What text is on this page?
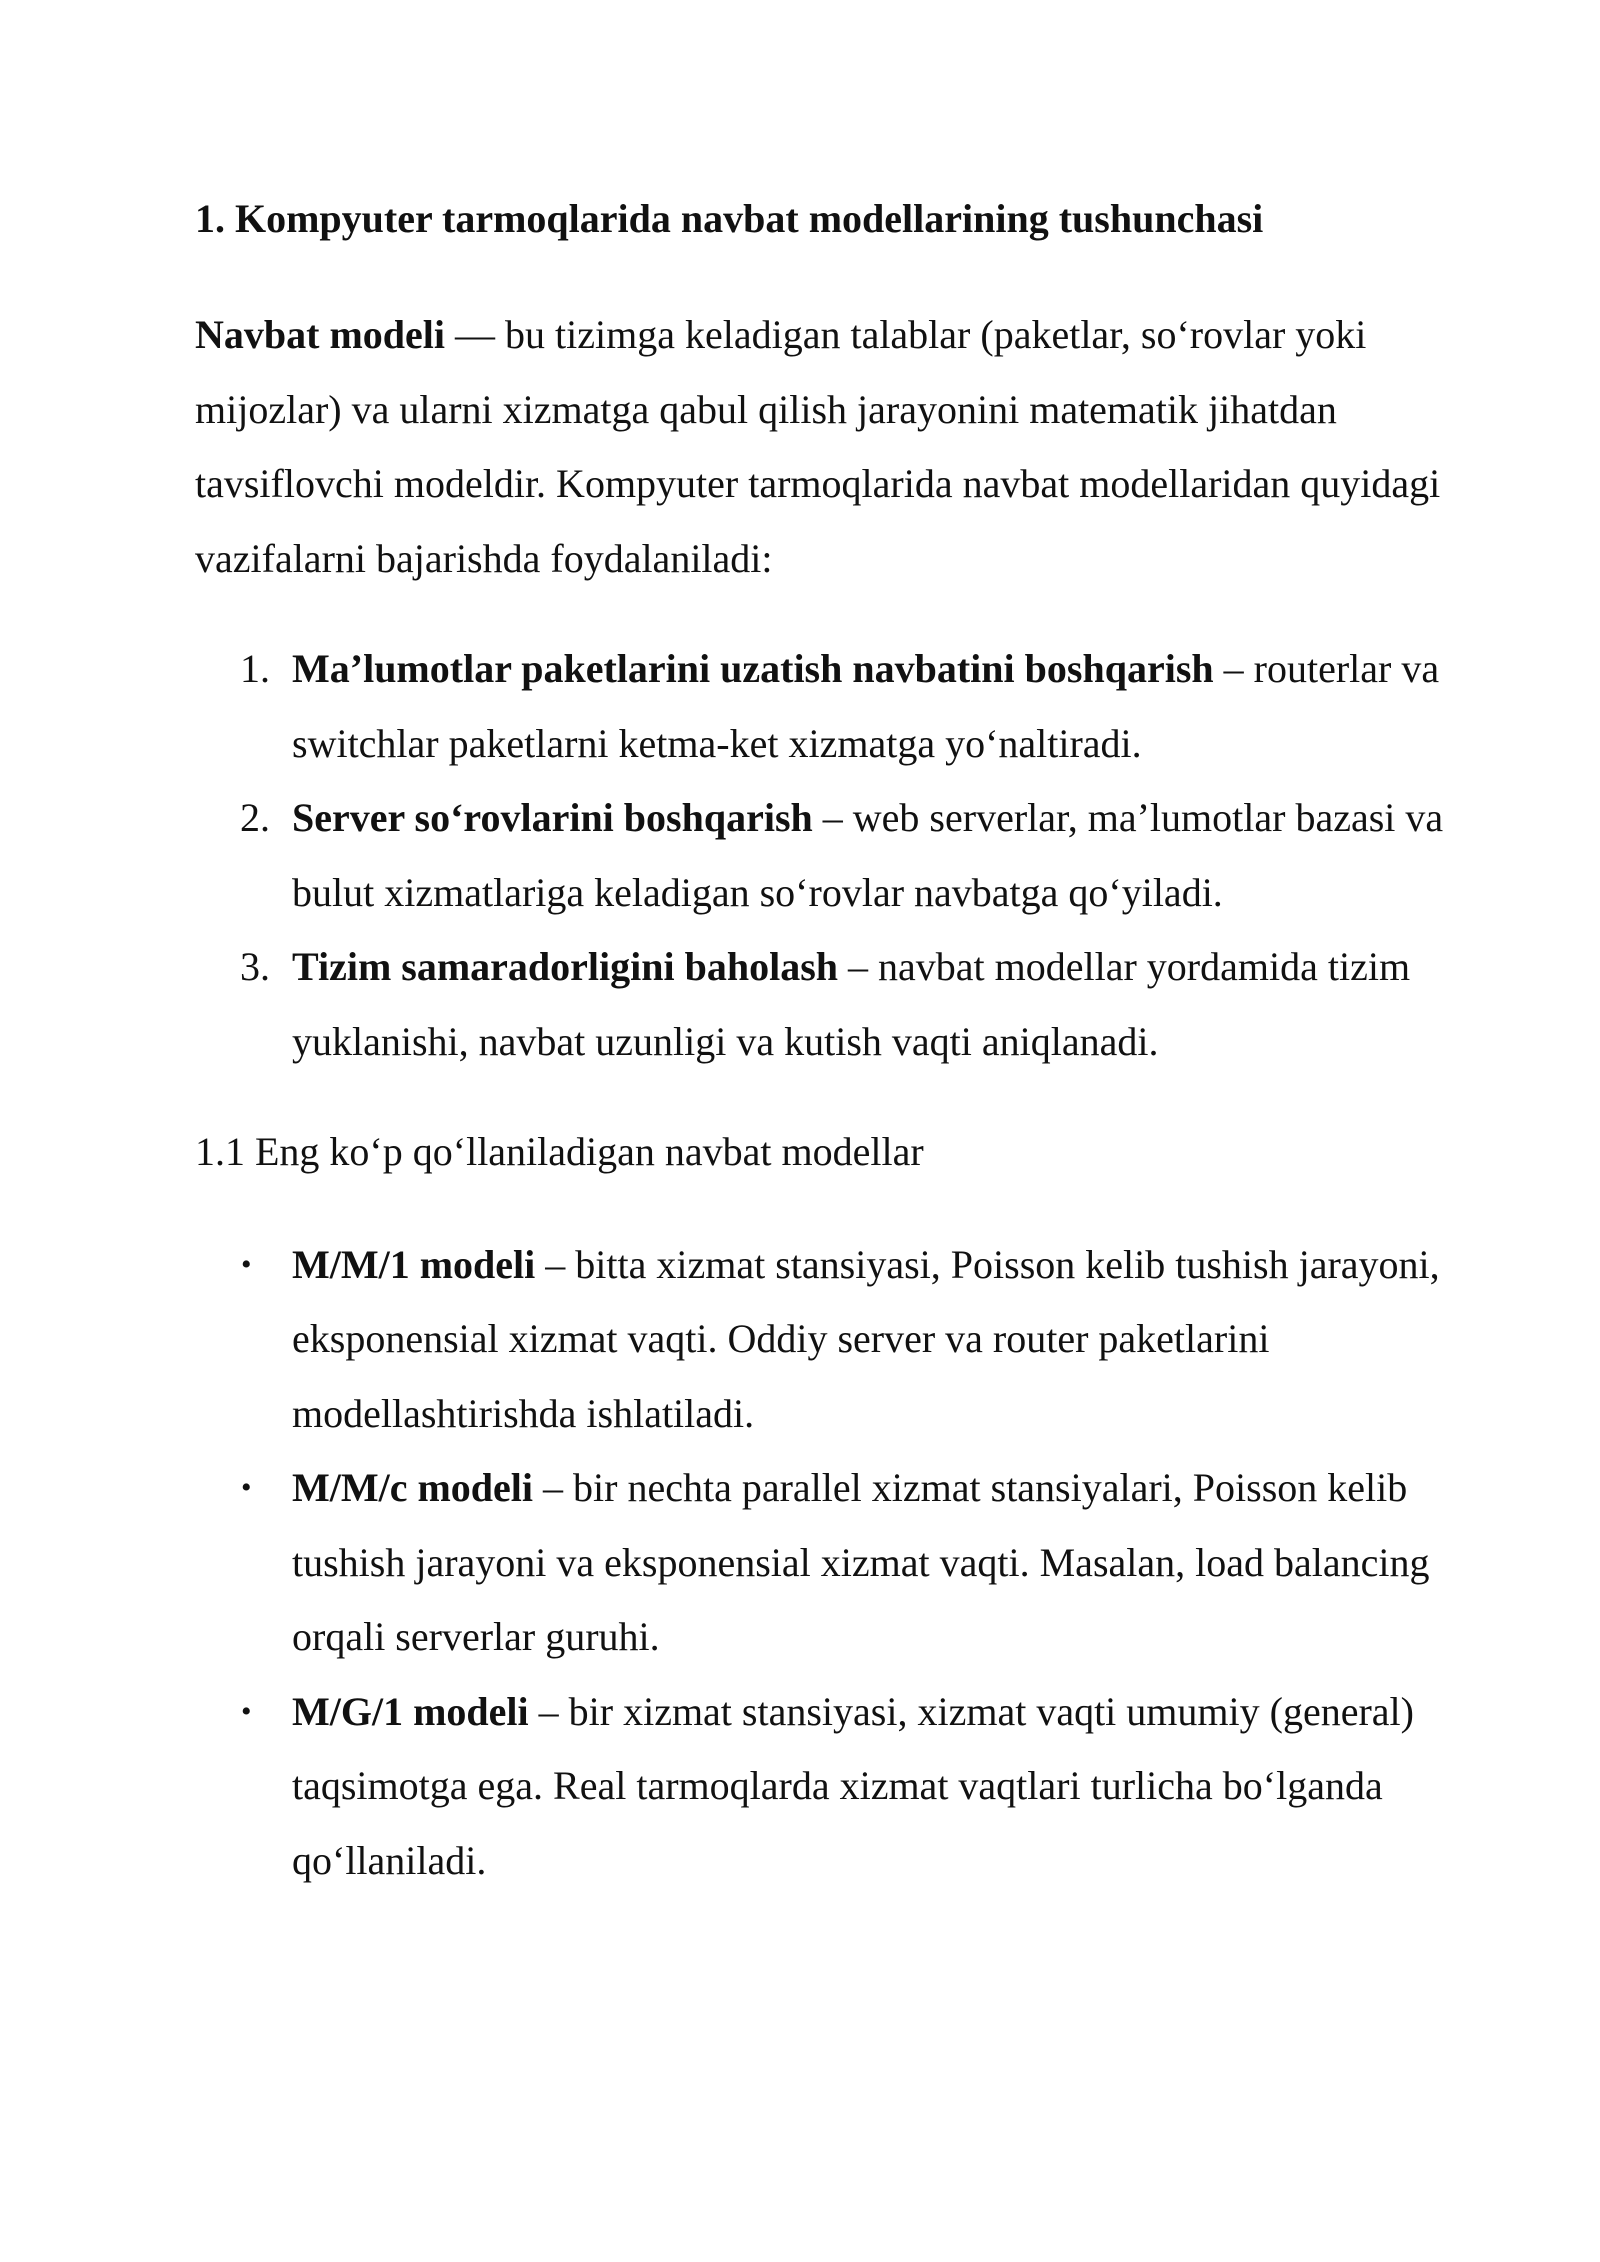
1. Kompyuter tarmoqlarida navbat modellarining tushunchasi

Navbat modeli — bu tizimga keladigan talablar (paketlar, so‘rovlar yoki mijozlar) va ularni xizmatga qabul qilish jarayonini matematik jihatdan tavsiflovchi modeldir. Kompyuter tarmoqlarida navbat modellaridan quyidagi vazifalarni bajarishda foydalaniladi:

1. Ma’lumotlar paketlarini uzatish navbatini boshqarish – routerlar va switchlar paketlarni ketma-ket xizmatga yo‘naltiradi.
2. Server so‘rovlarini boshqarish – web serverlar, ma’lumotlar bazasi va bulut xizmatlariga keladigan so‘rovlar navbatga qo‘yiladi.
3. Tizim samaradorligini baholash – navbat modellar yordamida tizim yuklanishi, navbat uzunligi va kutish vaqti aniqlanadi.
1.1 Eng ko‘p qo‘llaniladigan navbat modellar
• M/M/1 modeli – bitta xizmat stansiyasi, Poisson kelib tushish jarayoni, eksponensial xizmat vaqti. Oddiy server va router paketlarini modellashtirishda ishlatiladi.
• M/M/c modeli – bir nechta parallel xizmat stansiyalari, Poisson kelib tushish jarayoni va eksponensial xizmat vaqti. Masalan, load balancing orqali serverlar guruhi.
• M/G/1 modeli – bir xizmat stansiyasi, xizmat vaqti umumiy (general) taqsimotga ega. Real tarmoqlarda xizmat vaqtlari turlicha bo‘lganda qo‘llaniladi.
